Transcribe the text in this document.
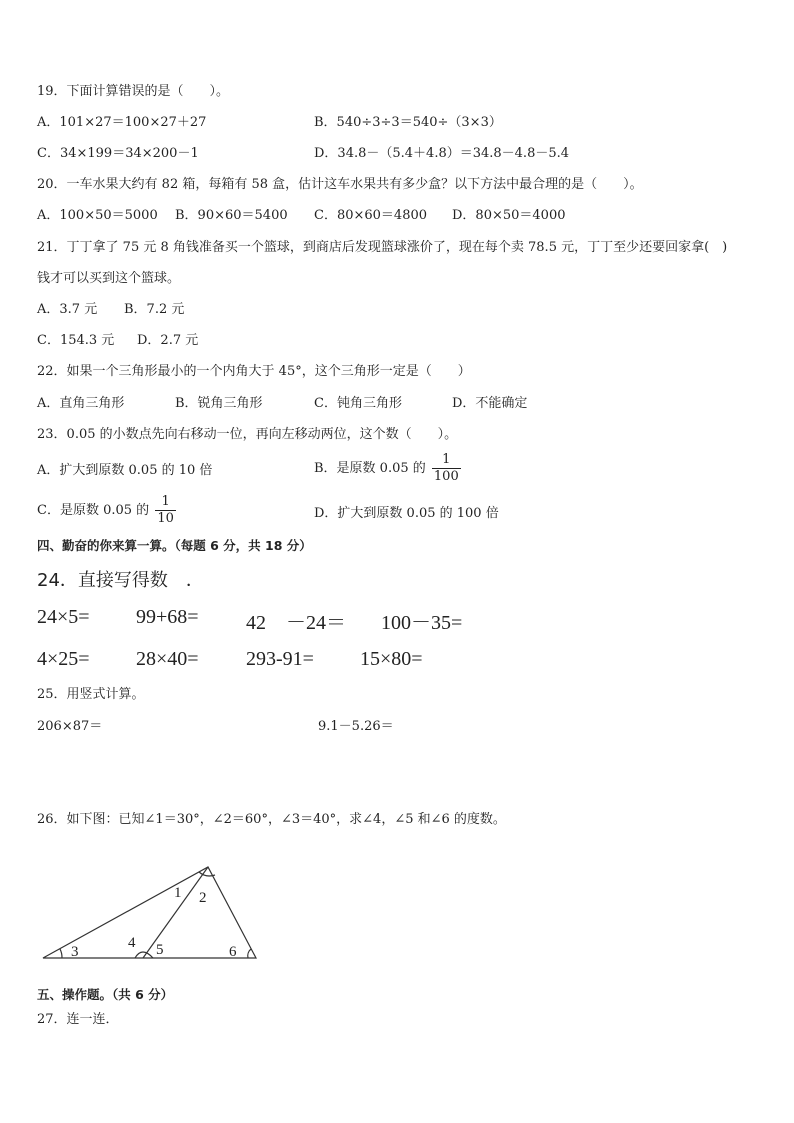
19．下面计算错误的是（　　）。
A．101×27＝100×27＋27	B．540÷3÷3＝540÷（3×3）
C．34×199＝34×200－1	D．34.8－（5.4＋4.8）＝34.8－4.8－5.4
20．一车水果大约有 82 箱，每箱有 58 盒，估计这车水果共有多少盒？以下方法中最合理的是（　　）。
A．100×50＝5000 B．90×60＝5400 C．80×60＝4800 D．80×50＝4000
21．丁丁拿了 75 元 8 角钱准备买一个篮球，到商店后发现篮球涨价了，现在每个卖 78.5 元，丁丁至少还要回家拿(　)
钱才可以买到这个篮球。
A．3.7 元 B．7.2 元
C．154.3 元 D．2.7 元
22．如果一个三角形最小的一个内角大于 45°，这个三角形一定是（　　）
A．直角三角形	B．锐角三角形	C．钝角三角形	D．不能确定
23．0.05 的小数点先向右移动一位，再向左移动两位，这个数（　　）。
A．扩大到原数 0.05 的 10 倍	B．是原数 0.05 的 $\frac{1}{100}$
C．是原数 0.05 的 $\frac{1}{10}$	D．扩大到原数 0.05 的 100 倍
四、勤奋的你来算一算。（每题 6 分，共 18 分）
24．直接写得数　．
24×5= 99+68= 42　－24＝ 100－35=
4×25= 28×40= 293-91= 15×80=
25．用竖式计算。
206×87＝	9.1－5.26＝
26．如下图：已知∠1＝30°，∠2＝60°，∠3＝40°，求∠4，∠5 和∠6 的度数。
1 2
3
4 5	6
五、操作题。（共 6 分）
27．连一连．
